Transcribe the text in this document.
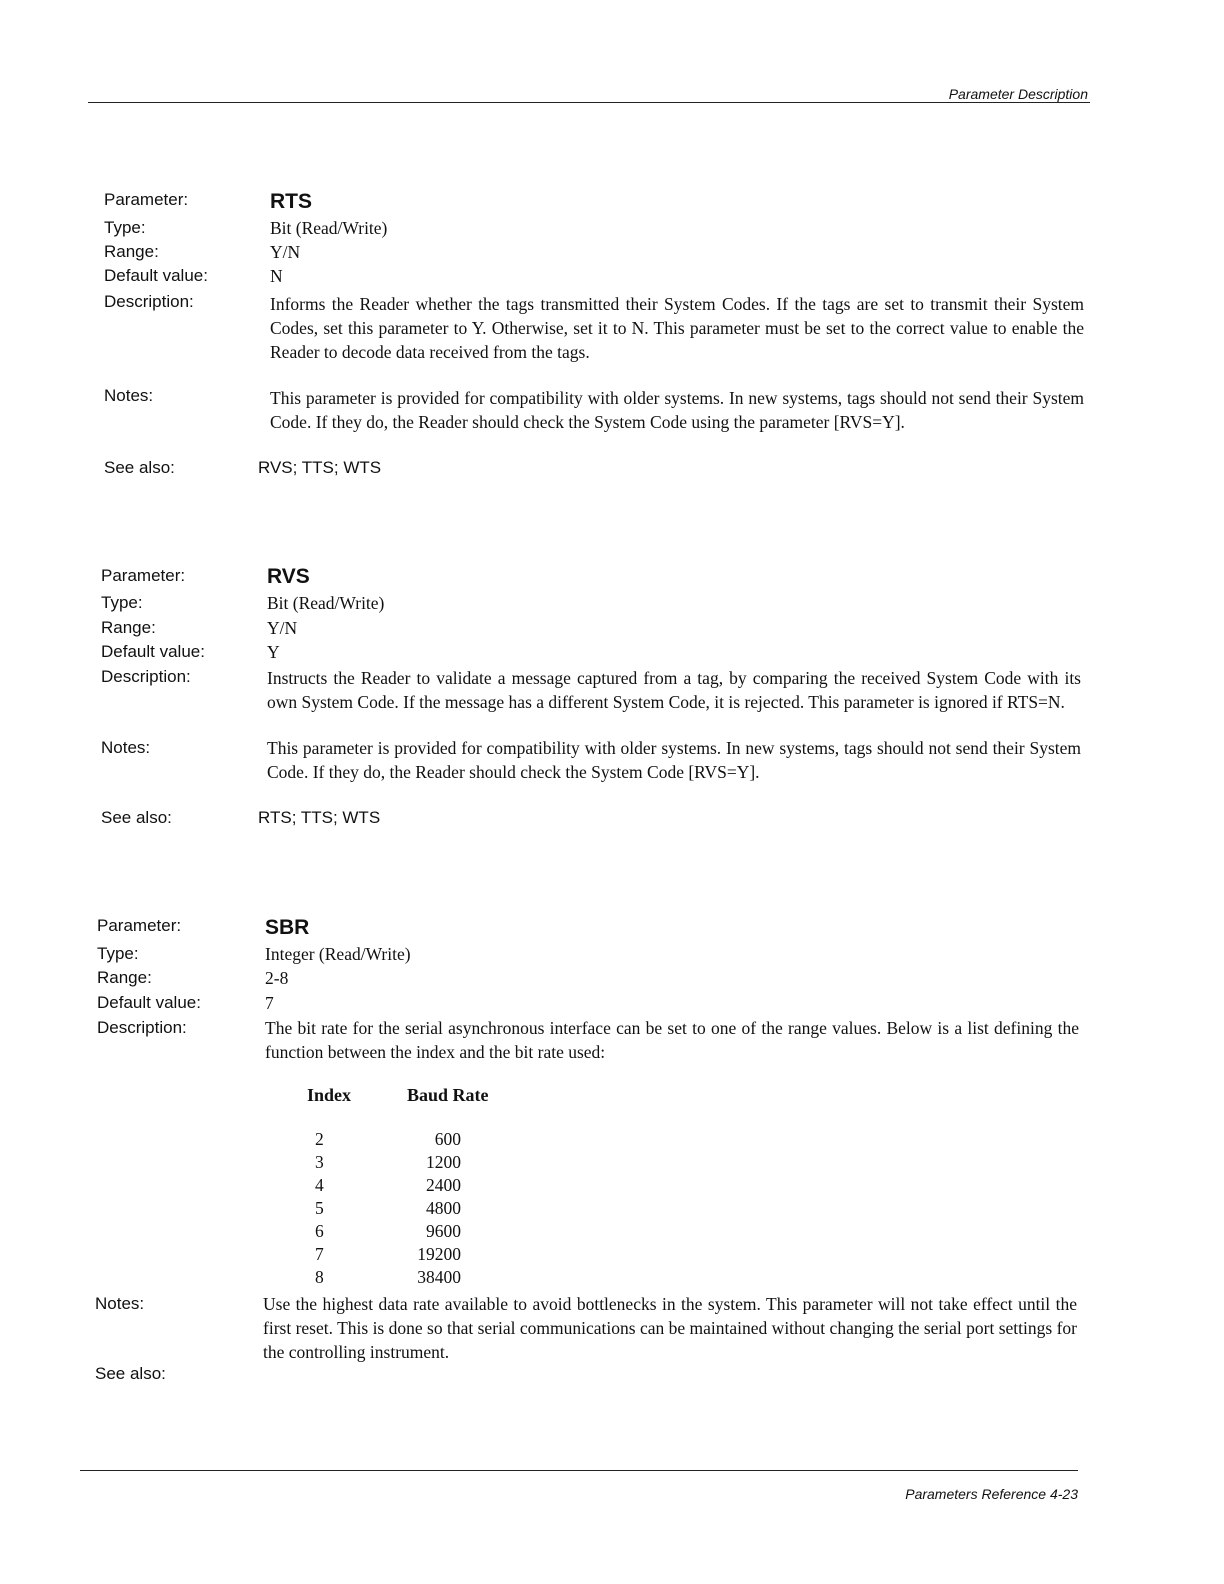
Parameter Description
Parameter:	RTS
Type:	Bit (Read/Write)
Range:	Y/N
Default value:	N
Description:	Informs the Reader whether the tags transmitted their System Codes. If the tags are set to transmit their System Codes, set this parameter to Y. Otherwise, set it to N. This parameter must be set to the correct value to enable the Reader to decode data received from the tags.
Notes:	This parameter is provided for compatibility with older systems. In new systems, tags should not send their System Code. If they do, the Reader should check the System Code using the parameter [RVS=Y].
See also:	RVS; TTS; WTS
Parameter:	RVS
Type:	Bit (Read/Write)
Range:	Y/N
Default value:	Y
Description:	Instructs the Reader to validate a message captured from a tag, by comparing the received System Code with its own System Code. If the message has a different System Code, it is rejected. This parameter is ignored if RTS=N.
Notes:	This parameter is provided for compatibility with older systems. In new systems, tags should not send their System Code. If they do, the Reader should check the System Code [RVS=Y].
See also:	RTS; TTS; WTS
Parameter:	SBR
Type:	Integer (Read/Write)
Range:	2-8
Default value:	7
Description:	The bit rate for the serial asynchronous interface can be set to one of the range values. Below is a list defining the function between the index and the bit rate used:
Index	Baud Rate
2	600
3	1200
4	2400
5	4800
6	9600
7	19200
8	38400
Notes:	Use the highest data rate available to avoid bottlenecks in the system. This parameter will not take effect until the first reset. This is done so that serial communications can be maintained without changing the serial port settings for the controlling instrument.
See also:
Parameters Reference 4-23
